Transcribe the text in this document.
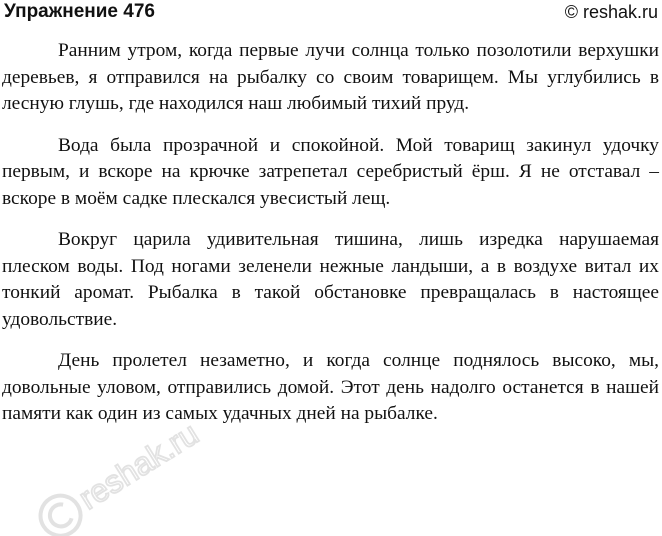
Упражнение 476	© reshak.ru

Ранним утром, когда первые лучи солнца только позолотили верхушки деревьев, я отправился на рыбалку со своим товарищем. Мы углубились в лесную глушь, где находился наш любимый тихий пруд.

Вода была прозрачной и спокойной. Мой товарищ закинул удочку первым, и вскоре на крючке затрепетал серебристый ёрш. Я не отставал – вскоре в моём садке плескался увесистый лещ.

Вокруг царила удивительная тишина, лишь изредка нарушаемая плеском воды. Под ногами зеленели нежные ландыши, а в воздухе витал их тонкий аромат. Рыбалка в такой обстановке превращалась в настоящее удовольствие.

День пролетел незаметно, и когда солнце поднялось высоко, мы, довольные уловом, отправились домой. Этот день надолго останется в нашей памяти как один из самых удачных дней на рыбалке.

reshak.ru
